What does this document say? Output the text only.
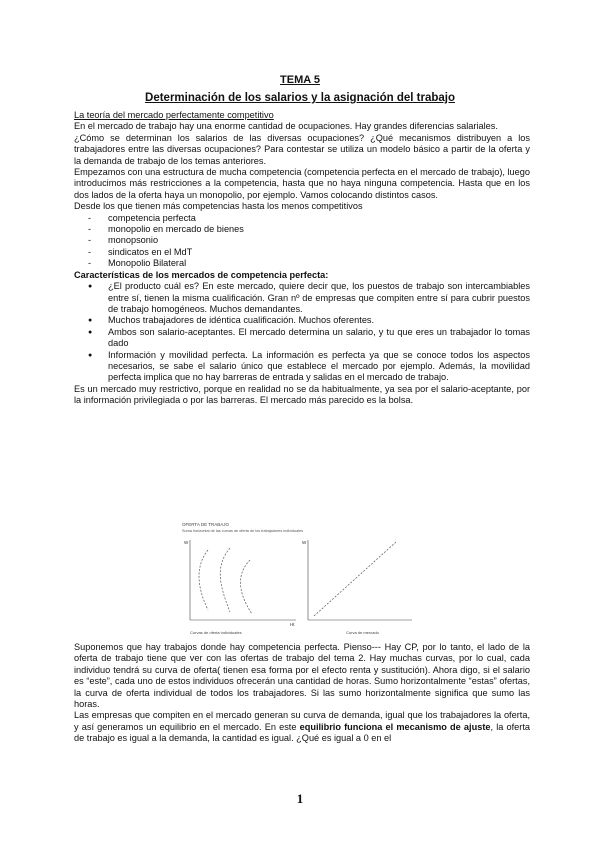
TEMA 5
Determinación de los salarios y la asignación del trabajo

La teoría del mercado perfectamente competitivo

En el mercado de trabajo hay una enorme cantidad de ocupaciones. Hay grandes diferencias salariales.

¿Cómo se determinan los salarios de las diversas ocupaciones? ¿Qué mecanismos distribuyen a los trabajadores entre las diversas ocupaciones? Para contestar se utiliza un modelo básico a partir de la oferta y la demanda de trabajo de los temas anteriores.

Empezamos con una estructura de mucha competencia (competencia perfecta en el mercado de trabajo), luego introducimos más restricciones a la competencia, hasta que no haya ninguna competencia. Hasta que en los dos lados de la oferta haya un monopolio, por ejemplo. Vamos colocando distintos casos.

Desde los que tienen más competencias hasta los menos competitivos

- competencia perfecta
- monopolio en mercado de bienes
- monopsonio
- sindicatos en el MdT
- Monopolio Bilateral

Características de los mercados de competencia perfecta:

● ¿El producto cuál es? En este mercado, quiere decir que, los puestos de trabajo son intercambiables entre sí, tienen la misma cualificación. Gran nº de empresas que compiten entre sí para cubrir puestos de trabajo homogéneos. Muchos demandantes.
● Muchos trabajadores de idéntica cualificación. Muchos oferentes.
● Ambos son salario-aceptantes. El mercado determina un salario, y tu que eres un trabajador lo tomas dado
● Información y movilidad perfecta. La información es perfecta ya que se conoce todos los aspectos necesarios, se sabe el salario único que establece el mercado por ejemplo. Además, la movilidad perfecta implica que no hay barreras de entrada y salidas en el mercado de trabajo.

Es un mercado muy restrictivo, porque en realidad no se da habitualmente, ya sea por el salario-aceptante, por la información privilegiada o por las barreras. El mercado más parecido es la bolsa.

OFERTA DE TRABAJO
Suma horizontal de las curvas de oferta de los trabajadores individuales
W
Ht
Curvas de oferta individuales
W
Curva de mercado

Suponemos que hay trabajos donde hay competencia perfecta. Pienso--- Hay CP, por lo tanto, el lado de la oferta de trabajo tiene que ver con las ofertas de trabajo del tema 2. Hay muchas curvas, por lo cual, cada individuo tendrá su curva de oferta( tienen esa forma por el efecto renta y sustitución). Ahora digo, si el salario es “este”, cada uno de estos individuos ofrecerán una cantidad de horas. Sumo horizontalmente “estas” ofertas, la curva de oferta individual de todos los trabajadores. Si las sumo horizontalmente significa que sumo las horas.

Las empresas que compiten en el mercado generan su curva de demanda, igual que los trabajadores la oferta, y así generamos un equilibrio en el mercado. En este equilibrio funciona el mecanismo de ajuste, la oferta de trabajo es igual a la demanda, la cantidad es igual. ¿Qué es igual a 0 en el

1
